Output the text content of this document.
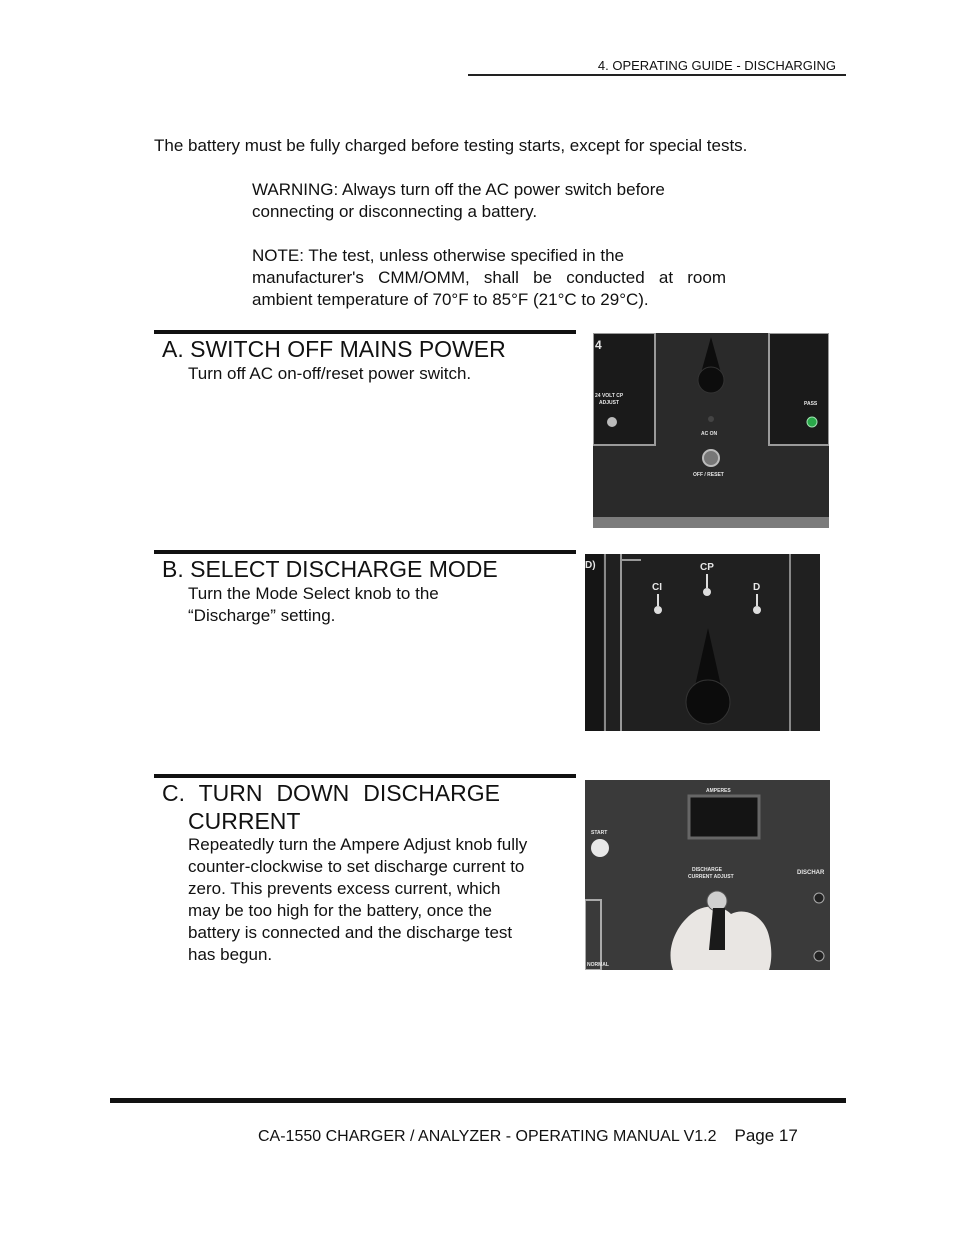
4. OPERATING GUIDE - DISCHARGING
The battery must be fully charged before testing starts, except for special tests.
WARNING: Always turn off the AC power switch before
connecting or disconnecting a battery.
NOTE: The test, unless otherwise specified in the
manufacturer's CMM/OMM, shall be conducted at room
ambient temperature of 70°F to 85°F (21°C to 29°C).
A. SWITCH OFF MAINS POWER
Turn off AC on-off/reset power switch.
4
24 VOLT CP
ADJUST
AC ON
OFF / RESET
PASS
B. SELECT DISCHARGE MODE
Turn the Mode Select knob to the
“Discharge” setting.
D)
CI
CP
D
C. TURN DOWN DISCHARGE
CURRENT
Repeatedly turn the Ampere Adjust knob fully
counter-clockwise to set discharge current to
zero. This prevents excess current, which
may be too high for the battery, once the
battery is connected and the discharge test
has begun.
AMPERES
START
DISCHARGE
CURRENT ADJUST
DISCHAR
NORMAL
CA-1550 CHARGER / ANALYZER - OPERATING MANUAL V1.2 Page 17
